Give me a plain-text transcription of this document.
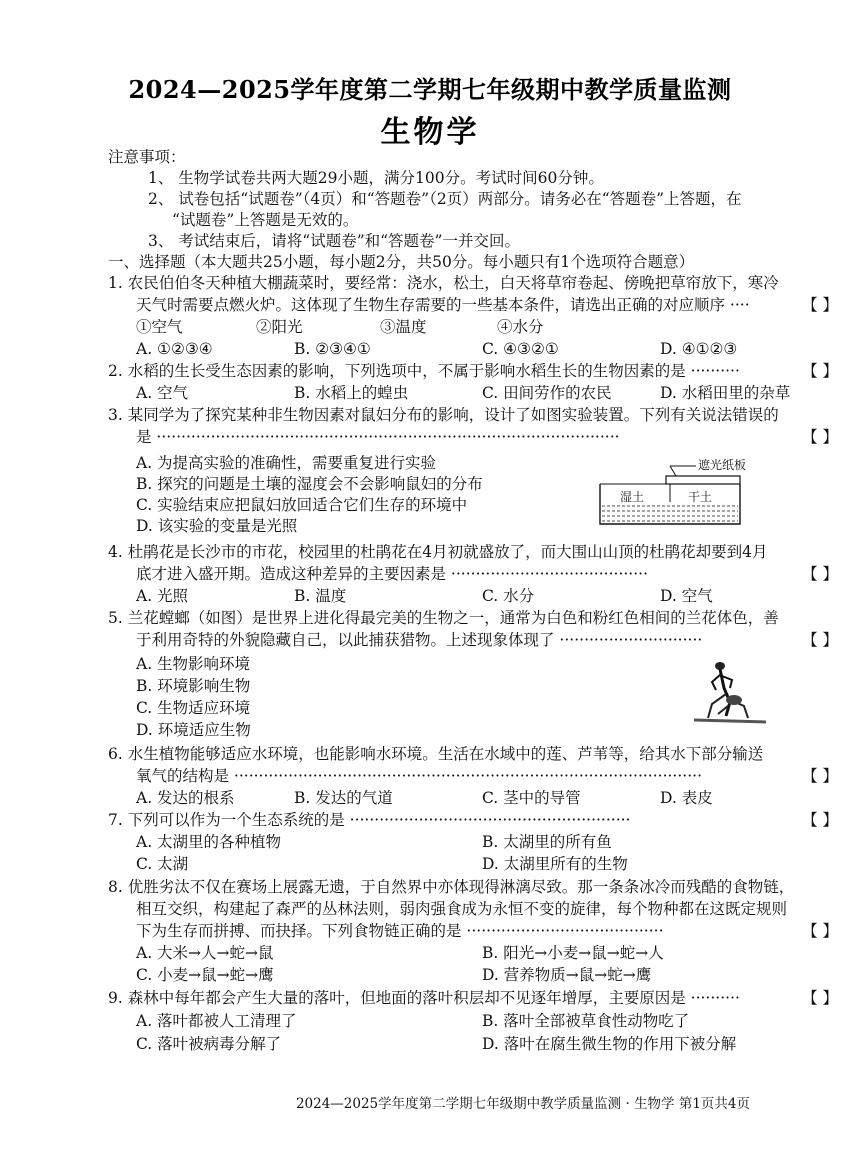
2024—2025学年度第二学期七年级期中教学质量监测
生物学
注意事项：
1、 生物学试卷共两大题29小题，满分100分。考试时间60分钟。
2、 试卷包括“试题卷”（4页）和“答题卷”（2页）两部分。请务必在“答题卷”上答题，在
“试题卷”上答题是无效的。
3、 考试结束后，请将“试题卷”和“答题卷”一并交回。
一、选择题（本大题共25小题，每小题2分，共50分。每小题只有1个选项符合题意）
1. 农民伯伯冬天种植大棚蔬菜时，要经常：浇水，松土，白天将草帘卷起、傍晚把草帘放下，寒冷
天气时需要点燃火炉。这体现了生物生存需要的一些基本条件，请选出正确的对应顺序 ····	【 】
①空气	②阳光	③温度	④水分
A. ①②③④	B. ②③④①	C. ④③②①	D. ④①②③
2. 水稻的生长受生态因素的影响，下列选项中，不属于影响水稻生长的生物因素的是 ··········	【 】
A. 空气	B. 水稻上的蝗虫	C. 田间劳作的农民	D. 水稻田里的杂草
3. 某同学为了探究某种非生物因素对鼠妇分布的影响，设计了如图实验装置。下列有关说法错误的
是 ······························································································	【 】
A. 为提高实验的准确性，需要重复进行实验
B. 探究的问题是土壤的湿度会不会影响鼠妇的分布
C. 实验结束应把鼠妇放回适合它们生存的环境中
D. 该实验的变量是光照
遮光纸板
湿土	干土
4. 杜鹃花是长沙市的市花，校园里的杜鹃花在4月初就盛放了，而大围山山顶的杜鹃花却要到4月
底才进入盛开期。造成这种差异的主要因素是 ········································	【 】
A. 光照	B. 温度	C. 水分	D. 空气
5. 兰花螳螂（如图）是世界上进化得最完美的生物之一，通常为白色和粉红色相间的兰花体色，善
于利用奇特的外貌隐藏自己，以此捕获猎物。上述现象体现了 ·····························	【 】
A. 生物影响环境
B. 环境影响生物
C. 生物适应环境
D. 环境适应生物
6. 水生植物能够适应水环境，也能影响水环境。生活在水域中的莲、芦苇等，给其水下部分输送
氧气的结构是 ·······························································································	【 】
A. 发达的根系	B. 发达的气道	C. 茎中的导管	D. 表皮
7. 下列可以作为一个生态系统的是 ·························································	【 】
A. 太湖里的各种植物	B. 太湖里的所有鱼
C. 太湖	D. 太湖里所有的生物
8. 优胜劣汰不仅在赛场上展露无遗，于自然界中亦体现得淋漓尽致。那一条条冰冷而残酷的食物链，
相互交织，构建起了森严的丛林法则，弱肉强食成为永恒不变的旋律，每个物种都在这既定规则
下为生存而拼搏、而抉择。下列食物链正确的是 ········································	【 】
A. 大米→人→蛇→鼠	B. 阳光→小麦→鼠→蛇→人
C. 小麦→鼠→蛇→鹰	D. 营养物质→鼠→蛇→鹰
9. 森林中每年都会产生大量的落叶，但地面的落叶积层却不见逐年增厚，主要原因是 ··········	【 】
A. 落叶都被人工清理了	B. 落叶全部被草食性动物吃了
C. 落叶被病毒分解了	D. 落叶在腐生微生物的作用下被分解
2024—2025学年度第二学期七年级期中教学质量监测 · 生物学 第1页共4页
